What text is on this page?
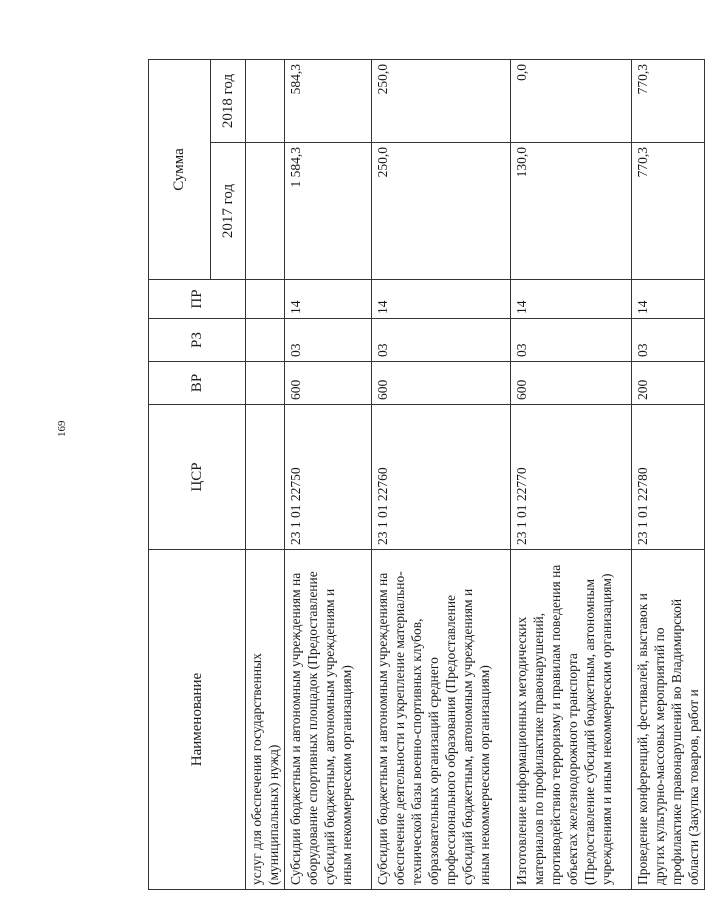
169
Наименование	ЦСР	ВР	РЗ	ПР	Сумма	
					2017 год	2018 год
услуг для обеспечения государственных (муниципальных) нужд)						
Субсидии бюджетным и автономным учреждениям на оборудование спортивных площадок (Предоставление субсидий бюджетным, автономным учреждениям и иным некоммерческим организациям)	23 1 01 22750	600	03	14	1 584,3	584,3
Субсидии бюджетным и автономным учреждениям на обеспечение деятельности и укрепление материально-технической базы военно-спортивных клубов, образовательных организаций среднего профессионального образования (Предоставление субсидий бюджетным, автономным учреждениям и иным некоммерческим организациям)	23 1 01 22760	600	03	14	250,0	250,0
Изготовление информационных методических материалов по профилактике правонарушений, противодействию терроризму и правилам поведения на объектах железнодорожного транспорта (Предоставление субсидий бюджетным, автономным учреждениям и иным некоммерческим организациям)	23 1 01 22770	600	03	14	130,0	0,0
Проведение конференций, фестивалей, выставок и других культурно-массовых мероприятий по профилактике правонарушений во Владимирской области (Закупка товаров, работ и	23 1 01 22780	200	03	14	770,3	770,3
